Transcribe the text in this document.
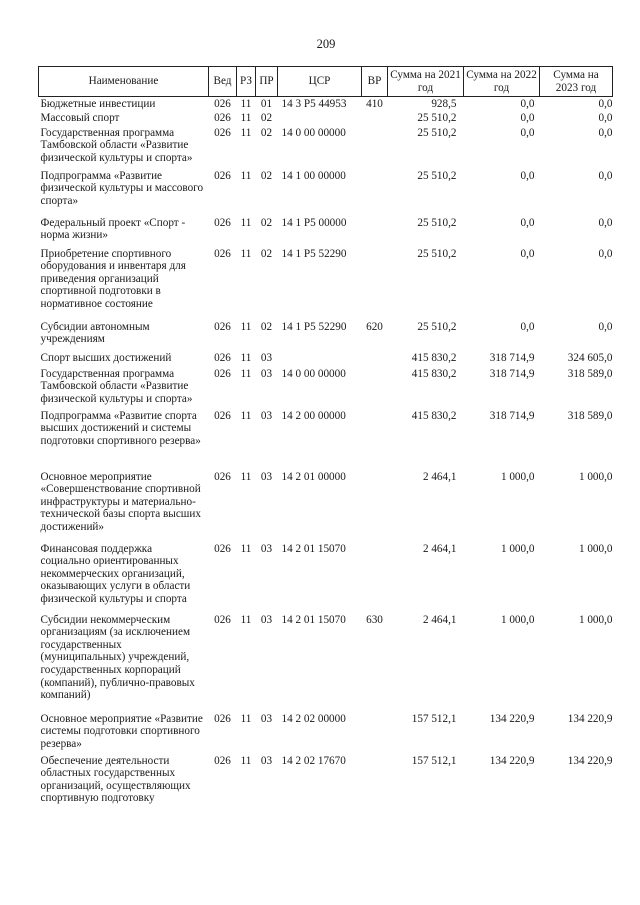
209
Наименование	Вед	РЗ	ПР	ЦСР	ВР	Сумма на 2021 год	Сумма на 2022 год	Сумма на 2023 год
Бюджетные инвестиции	026	11	01	14 3 P5 44953	410	928,5	0,0	0,0
Массовый спорт	026	11	02			25 510,2	0,0	0,0
Государственная программа Тамбовской области «Развитие физической культуры и спорта»	026	11	02	14 0 00 00000		25 510,2	0,0	0,0
Подпрограмма «Развитие физической культуры и массового спорта»	026	11	02	14 1 00 00000		25 510,2	0,0	0,0
Федеральный проект «Спорт - норма жизни»	026	11	02	14 1 P5 00000		25 510,2	0,0	0,0
Приобретение спортивного оборудования и инвентаря для приведения организаций спортивной подготовки в нормативное состояние	026	11	02	14 1 P5 52290		25 510,2	0,0	0,0
Субсидии автономным учреждениям	026	11	02	14 1 P5 52290	620	25 510,2	0,0	0,0
Спорт высших достижений	026	11	03			415 830,2	318 714,9	324 605,0
Государственная программа Тамбовской области «Развитие физической культуры и спорта»	026	11	03	14 0 00 00000		415 830,2	318 714,9	318 589,0
Подпрограмма «Развитие спорта высших достижений и системы подготовки спортивного резерва»	026	11	03	14 2 00 00000		415 830,2	318 714,9	318 589,0
Основное мероприятие «Совершенствование спортивной инфраструктуры и материально-технической базы спорта высших достижений»	026	11	03	14 2 01 00000		2 464,1	1 000,0	1 000,0
Финансовая поддержка социально ориентированных некоммерческих организаций, оказывающих услуги в области физической культуры и спорта	026	11	03	14 2 01 15070		2 464,1	1 000,0	1 000,0
Субсидии некоммерческим организациям (за исключением государственных (муниципальных) учреждений, государственных корпораций (компаний), публично-правовых компаний)	026	11	03	14 2 01 15070	630	2 464,1	1 000,0	1 000,0
Основное мероприятие «Развитие системы подготовки спортивного резерва»	026	11	03	14 2 02 00000		157 512,1	134 220,9	134 220,9
Обеспечение деятельности областных государственных организаций, осуществляющих спортивную подготовку	026	11	03	14 2 02 17670		157 512,1	134 220,9	134 220,9
